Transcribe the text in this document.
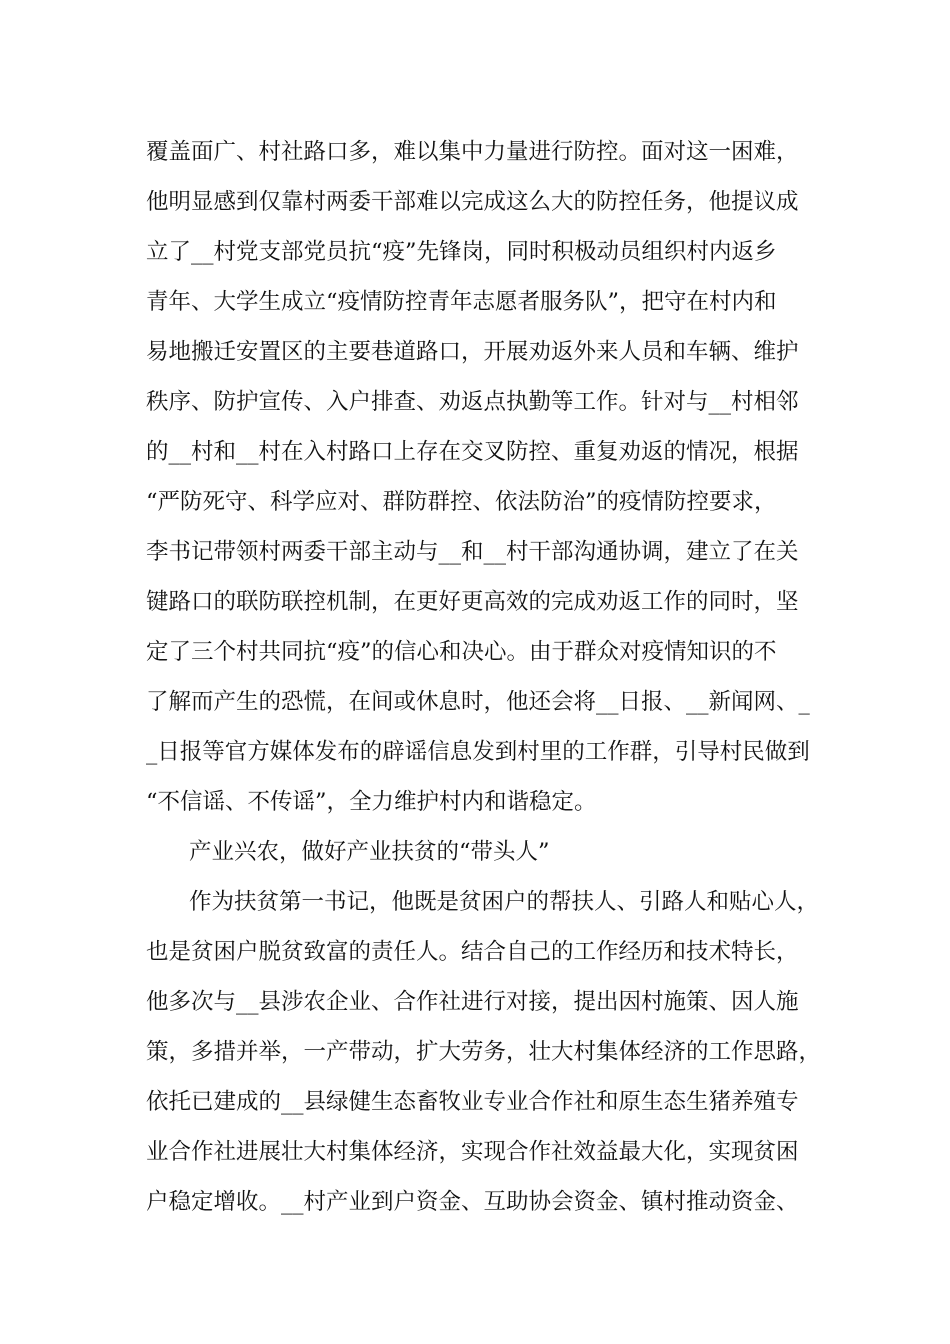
覆盖面广、村社路口多，难以集中力量进行防控。面对这一困难，
他明显感到仅靠村两委干部难以完成这么大的防控任务，他提议成
立了__村党支部党员抗“疫”先锋岗，同时积极动员组织村内返乡
青年、大学生成立“疫情防控青年志愿者服务队”，把守在村内和
易地搬迁安置区的主要巷道路口，开展劝返外来人员和车辆、维护
秩序、防护宣传、入户排查、劝返点执勤等工作。针对与__村相邻
的__村和__村在入村路口上存在交叉防控、重复劝返的情况，根据
“严防死守、科学应对、群防群控、依法防治”的疫情防控要求，
李书记带领村两委干部主动与__和__村干部沟通协调，建立了在关
键路口的联防联控机制，在更好更高效的完成劝返工作的同时，坚
定了三个村共同抗“疫”的信心和决心。由于群众对疫情知识的不
了解而产生的恐慌，在间或休息时，他还会将__日报、__新闻网、_
_日报等官方媒体发布的辟谣信息发到村里的工作群，引导村民做到
“不信谣、不传谣”，全力维护村内和谐稳定。
产业兴农，做好产业扶贫的“带头人”
作为扶贫第一书记，他既是贫困户的帮扶人、引路人和贴心人，
也是贫困户脱贫致富的责任人。结合自己的工作经历和技术特长，
他多次与__县涉农企业、合作社进行对接，提出因村施策、因人施
策，多措并举，一产带动，扩大劳务，壮大村集体经济的工作思路，
依托已建成的__县绿健生态畜牧业专业合作社和原生态生猪养殖专
业合作社进展壮大村集体经济，实现合作社效益最大化，实现贫困
户稳定增收。__村产业到户资金、互助协会资金、镇村推动资金、
